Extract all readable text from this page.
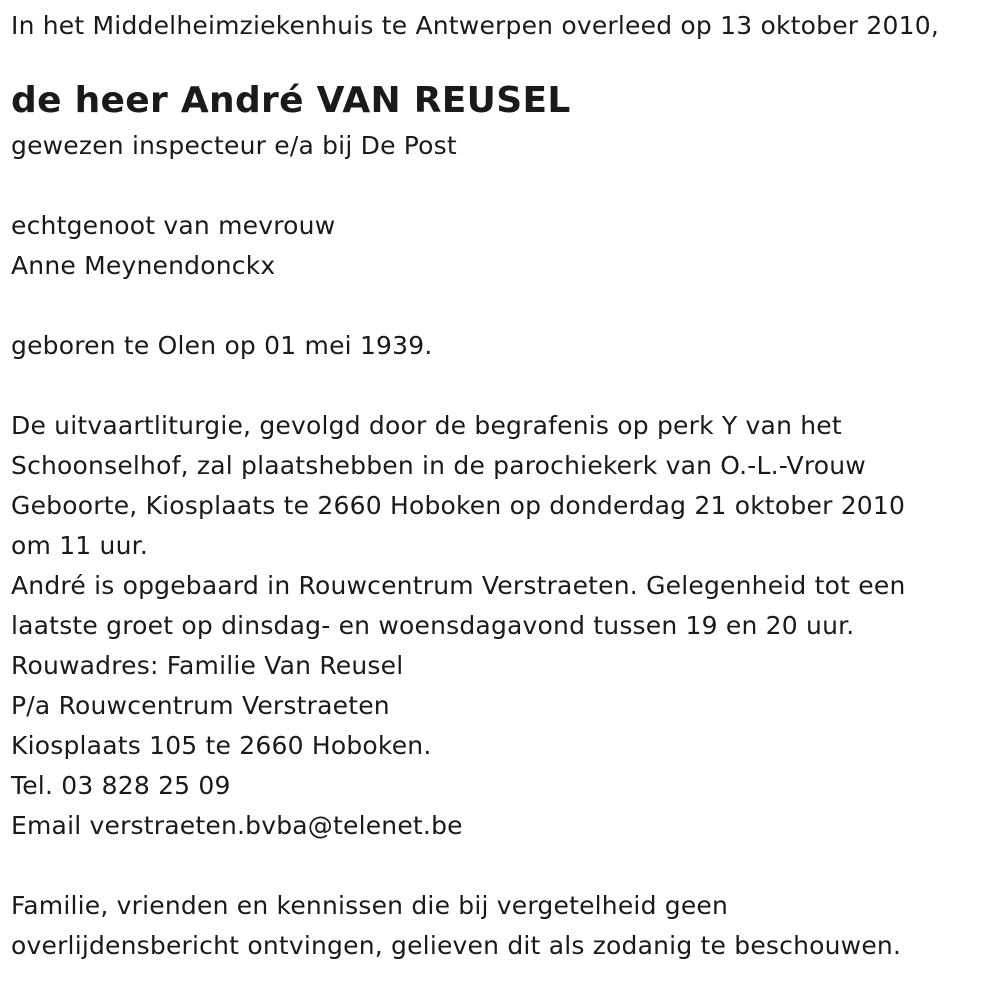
In het Middelheimziekenhuis te Antwerpen overleed op 13 oktober 2010,
de heer André VAN REUSEL
gewezen inspecteur e/a bij De Post
echtgenoot van mevrouw
Anne Meynendonckx
geboren te Olen op 01 mei 1939.
De uitvaartliturgie, gevolgd door de begrafenis op perk Y van het
Schoonselhof, zal plaatshebben in de parochiekerk van O.-L.-Vrouw
Geboorte, Kiosplaats te 2660 Hoboken op donderdag 21 oktober 2010
om 11 uur.
André is opgebaard in Rouwcentrum Verstraeten. Gelegenheid tot een
laatste groet op dinsdag- en woensdagavond tussen 19 en 20 uur.
Rouwadres: Familie Van Reusel
P/a Rouwcentrum Verstraeten
Kiosplaats 105 te 2660 Hoboken.
Tel. 03 828 25 09
Email verstraeten.bvba@telenet.be
Familie, vrienden en kennissen die bij vergetelheid geen
overlijdensbericht ontvingen, gelieven dit als zodanig te beschouwen.
